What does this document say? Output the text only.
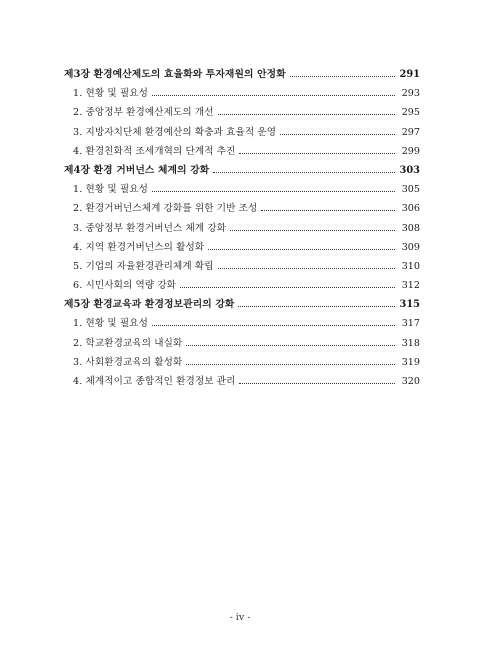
제3장 환경예산제도의 효율화와 투자재원의 안정화	291
1. 현황 및 필요성	293
2. 중앙정부 환경예산제도의 개선	295
3. 지방자치단체 환경예산의 확충과 효율적 운영	297
4. 환경친화적 조세개혁의 단계적 추진	299
제4장 환경 거버넌스 체계의 강화	303
1. 현황 및 필요성	305
2. 환경거버넌스체계 강화를 위한 기반 조성	306
3. 중앙정부 환경거버넌스 체계 강화	308
4. 지역 환경거버넌스의 활성화	309
5. 기업의 자율환경관리체계 확립	310
6. 시민사회의 역량 강화	312
제5장 환경교육과 환경정보관리의 강화	315
1. 현황 및 필요성	317
2. 학교환경교육의 내실화	318
3. 사회환경교육의 활성화	319
4. 체계적이고 종합적인 환경정보 관리	320
- iv -
